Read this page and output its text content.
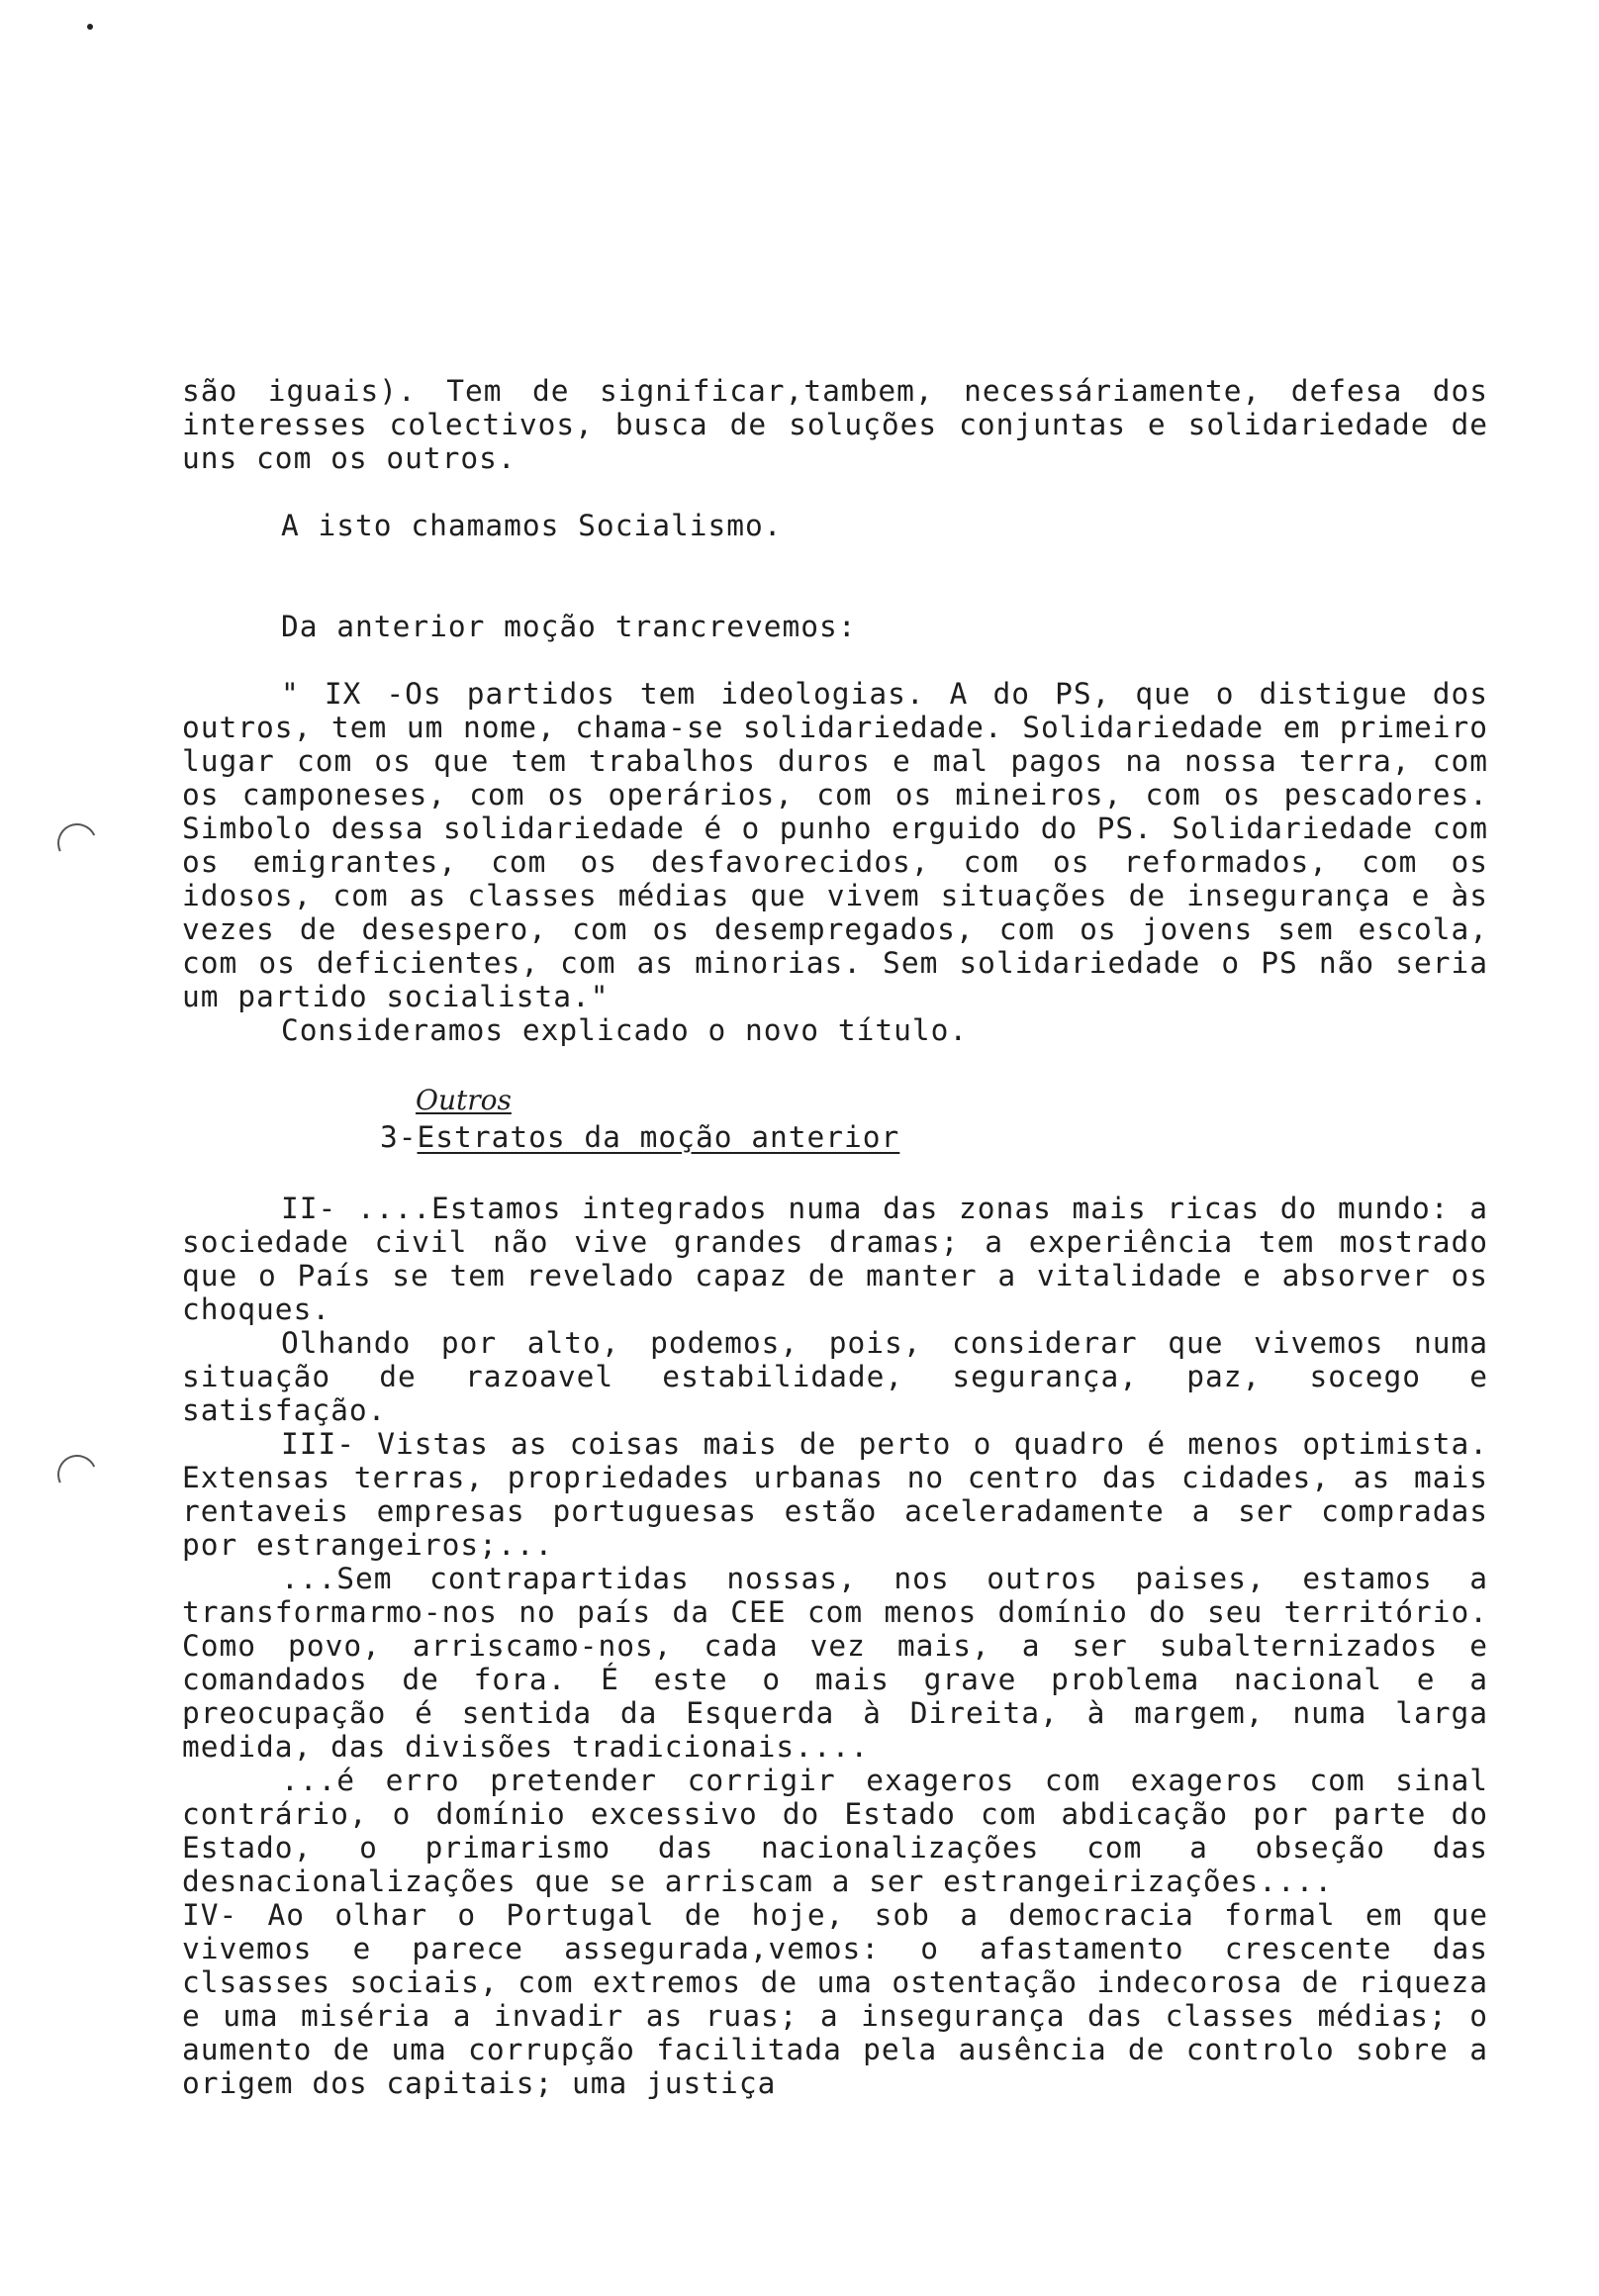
são iguais). Tem de significar,tambem, necessáriamente, defesa dos interesses colectivos, busca de soluções conjuntas e solidariedade de uns com os outros.

A isto chamamos Socialismo.

Da anterior moção trancrevemos:

" IX -Os partidos tem ideologias. A do PS, que o distigue dos outros, tem um nome, chama-se solidariedade. Solidariedade em primeiro lugar com os que tem trabalhos duros e mal pagos na nossa terra, com os camponeses, com os operários, com os mineiros, com os pescadores. Simbolo dessa solidariedade é o punho erguido do PS. Solidariedade com os emigrantes, com os desfavorecidos, com os reformados, com os idosos, com as classes médias que vivem situações de insegurança e às vezes de desespero, com os desempregados, com os jovens sem escola, com os deficientes, com as minorias. Sem solidariedade o PS não seria um partido socialista."

Consideramos explicado o novo título.

Outros
3-Estratos da moção anterior

II- ....Estamos integrados numa das zonas mais ricas do mundo: a sociedade civil não vive grandes dramas; a experiência tem mostrado que o País se tem revelado capaz de manter a vitalidade e absorver os choques.

Olhando por alto, podemos, pois, considerar que vivemos numa situação de razoavel estabilidade, segurança, paz, socego e satisfação.

III- Vistas as coisas mais de perto o quadro é menos optimista. Extensas terras, propriedades urbanas no centro das cidades, as mais rentaveis empresas portuguesas estão aceleradamente a ser compradas por estrangeiros;...

...Sem contrapartidas nossas, nos outros paises, estamos a transformarmo-nos no país da CEE com menos domínio do seu território. Como povo, arriscamo-nos, cada vez mais, a ser subalternizados e comandados de fora. É este o mais grave problema nacional e a preocupação é sentida da Esquerda à Direita, à margem, numa larga medida, das divisões tradicionais....

...é erro pretender corrigir exageros com exageros com sinal contrário, o domínio excessivo do Estado com abdicação por parte do Estado, o primarismo das nacionalizações com a obseção das desnacionalizações que se arriscam a ser estrangeirizações....

IV- Ao olhar o Portugal de hoje, sob a democracia formal em que vivemos e parece assegurada,vemos: o afastamento crescente das clsasses sociais, com extremos de uma ostentação indecorosa de riqueza e uma miséria a invadir as ruas; a insegurança das classes médias; o aumento de uma corrupção facilitada pela ausência de controlo sobre a origem dos capitais; uma justiça
